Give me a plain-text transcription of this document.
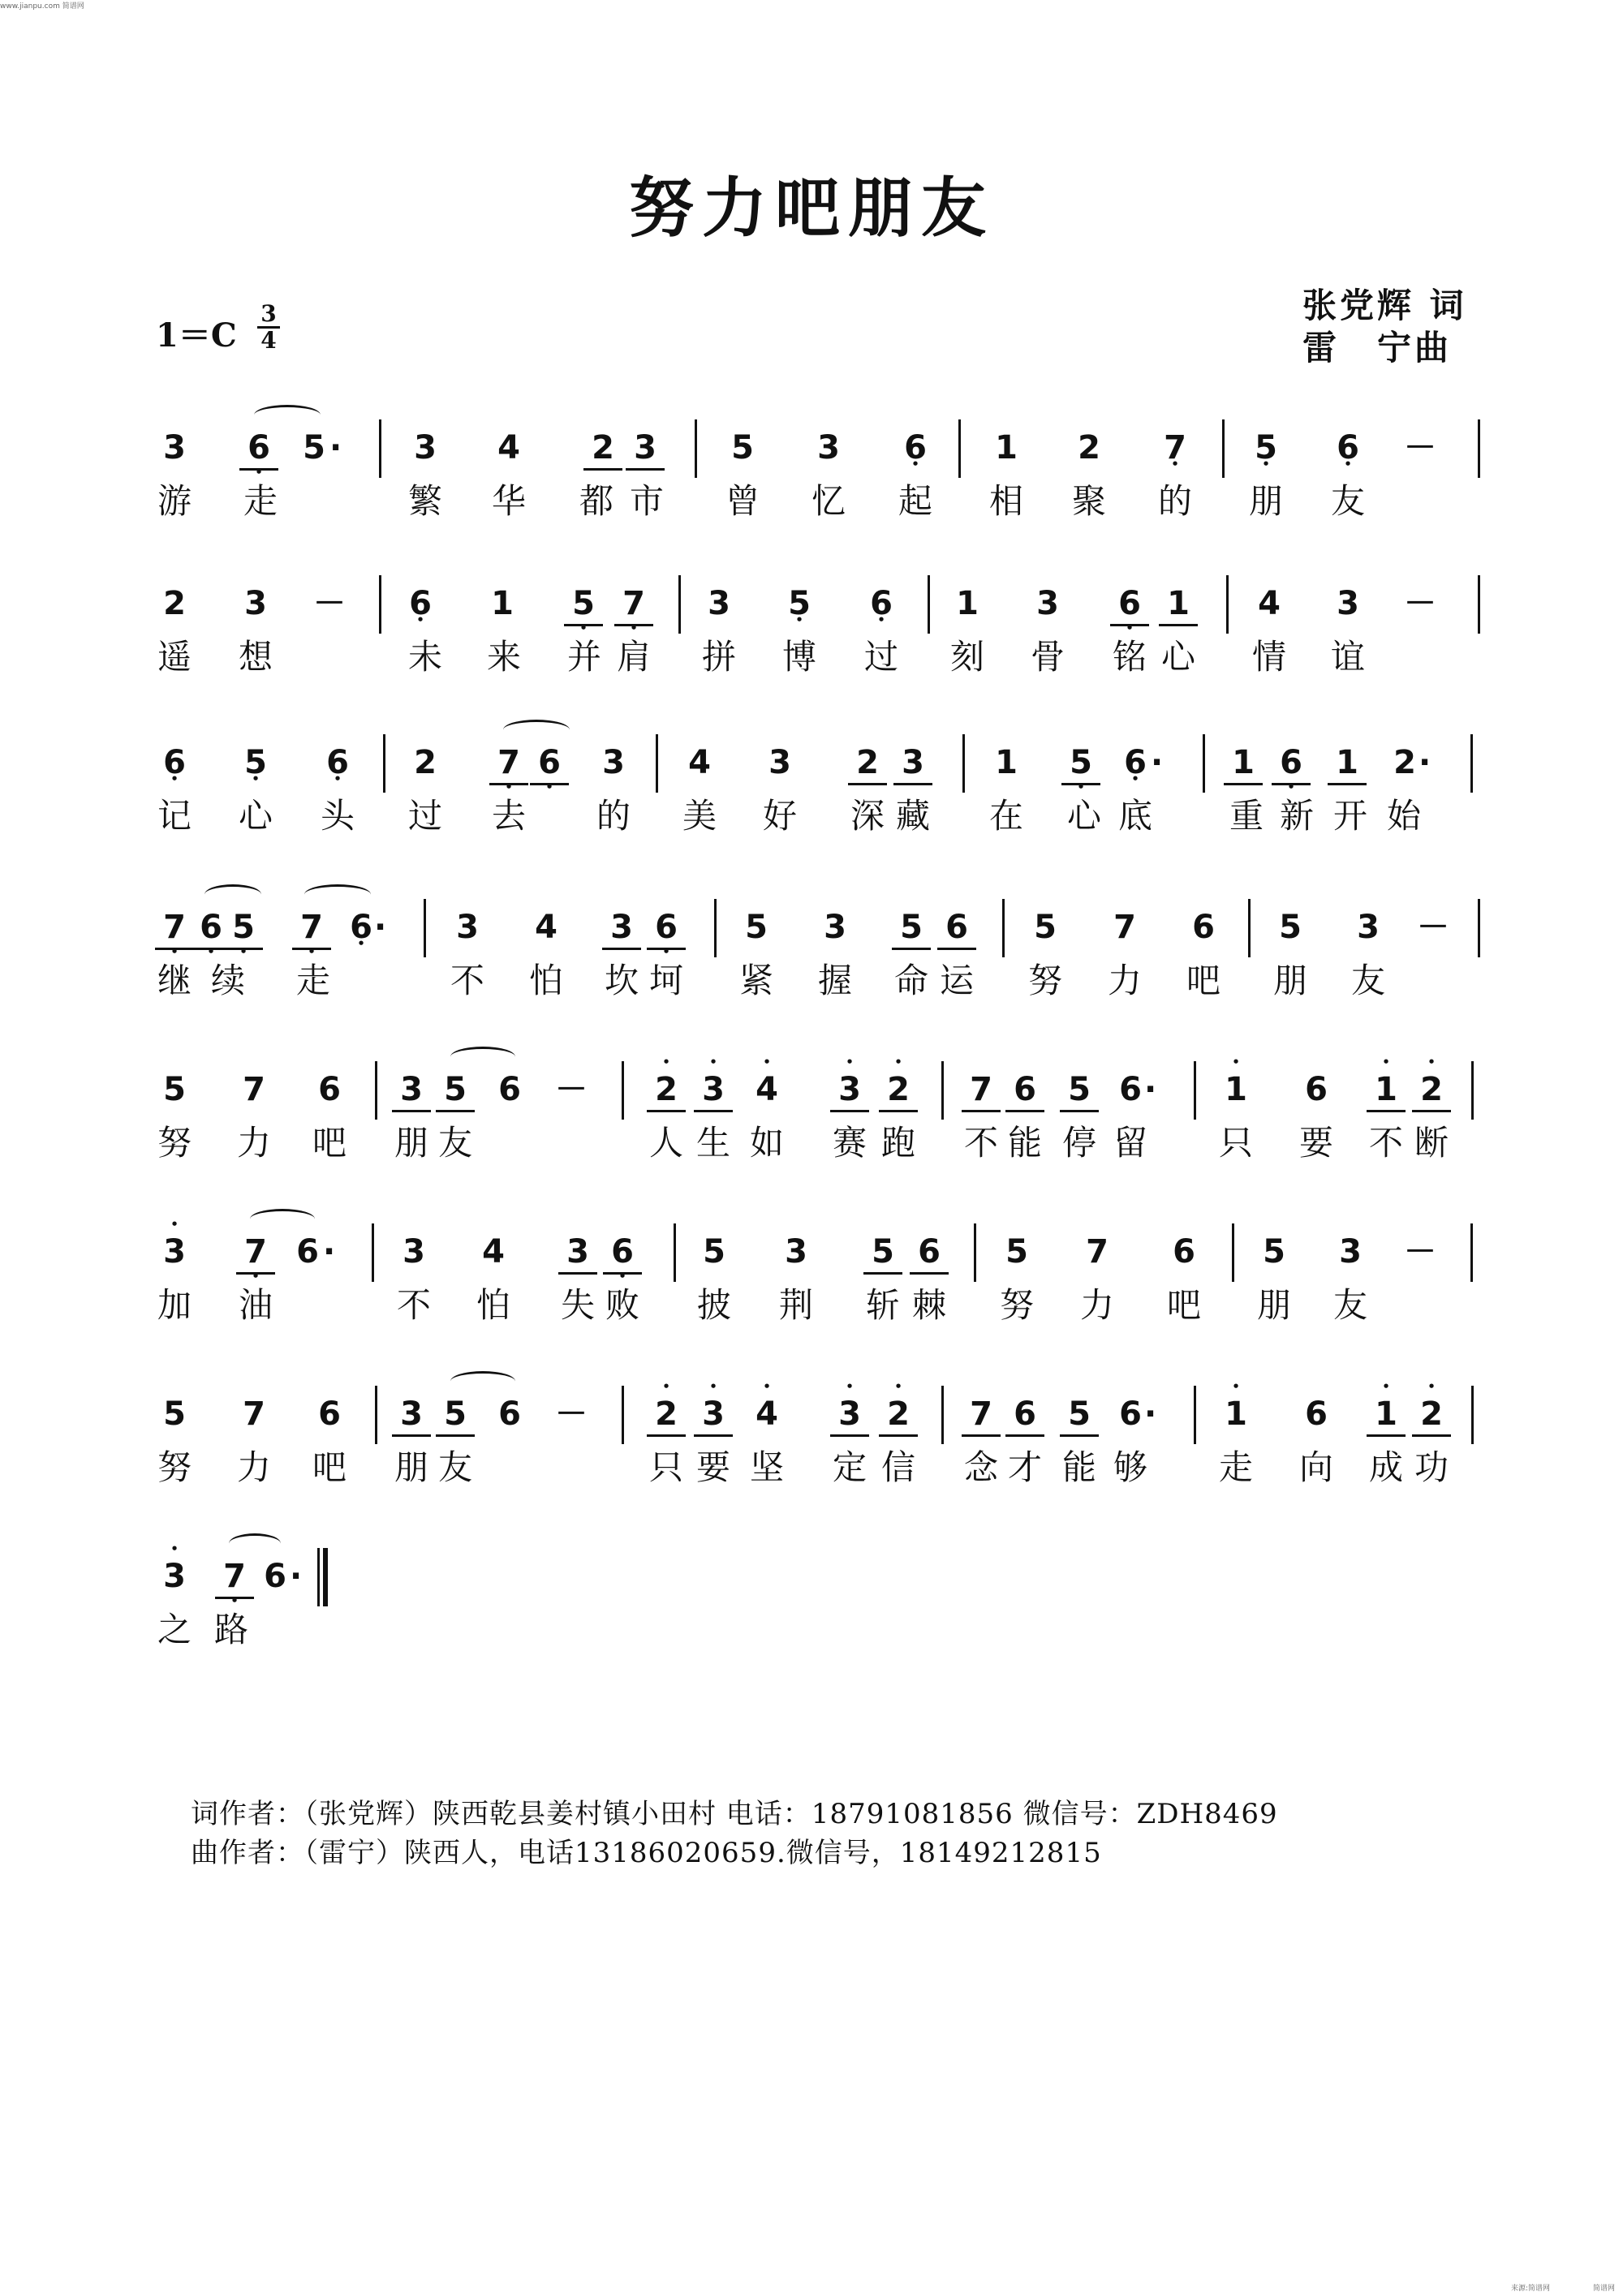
www.jianpu.com 简谱网
来源:简谱网	简谱网
努力吧朋友
1＝C
3
4
张党辉 词
雷　宁曲
3 6 • 5 · 3 4 2 3 5 3 6 • 1 2 7 • 5 • 6 • －
游 走	繁 华 都 市 曾 忆 起 相 聚 的 朋 友
2 3 － 6 • 1 5 • 7 • 3 5 • 6 • 1 3 6 • 1 4 3 －
遥 想	未 来 并 肩 拼 博 过 刻 骨 铭 心 情 谊
6 • 5 • 6 • 2 7 • 6 • 3 4 3 2 3 1 5 • 6 • · 1 6 • 1 2 ·
记 心 头 过 去 的 美 好 深 藏 在 心 底 重 新 开 始
7 • 6 • 5 • 7 • 6 • · 3 4 3 6 • 5 3 5 6 5 7 6 5 3 －
继 续 走	不 怕 坎 坷 紧 握 命 运 努 力 吧 朋 友
5 7 6 3 5 6 － • 2 • 3 • 4 • 3 • 2 7 6 5 6 · • 1 6 • 1 • 2
努 力 吧 朋 友	人 生 如 赛 跑 不 能 停 留 只 要 不 断
• 3 7 • 6 · 3 4 3 6 • 5 3 5 6 5 7 6 5 3 －
加 油	不 怕 失 败 披 荆 斩 棘 努 力 吧 朋 友
5 7 6 3 5 6 － • 2 • 3 • 4 • 3 • 2 7 6 5 6 · • 1 6 • 1 • 2
努 力 吧 朋 友	只 要 坚 定 信 念 才 能 够 走 向 成 功
• 3 7 • 6 ·
之 路
词作者：（张党辉）陕西乾县姜村镇小田村 电话：18791081856 微信号：ZDH8469
曲作者：（雷宁）陕西人，电话13186020659.微信号，18149212815
